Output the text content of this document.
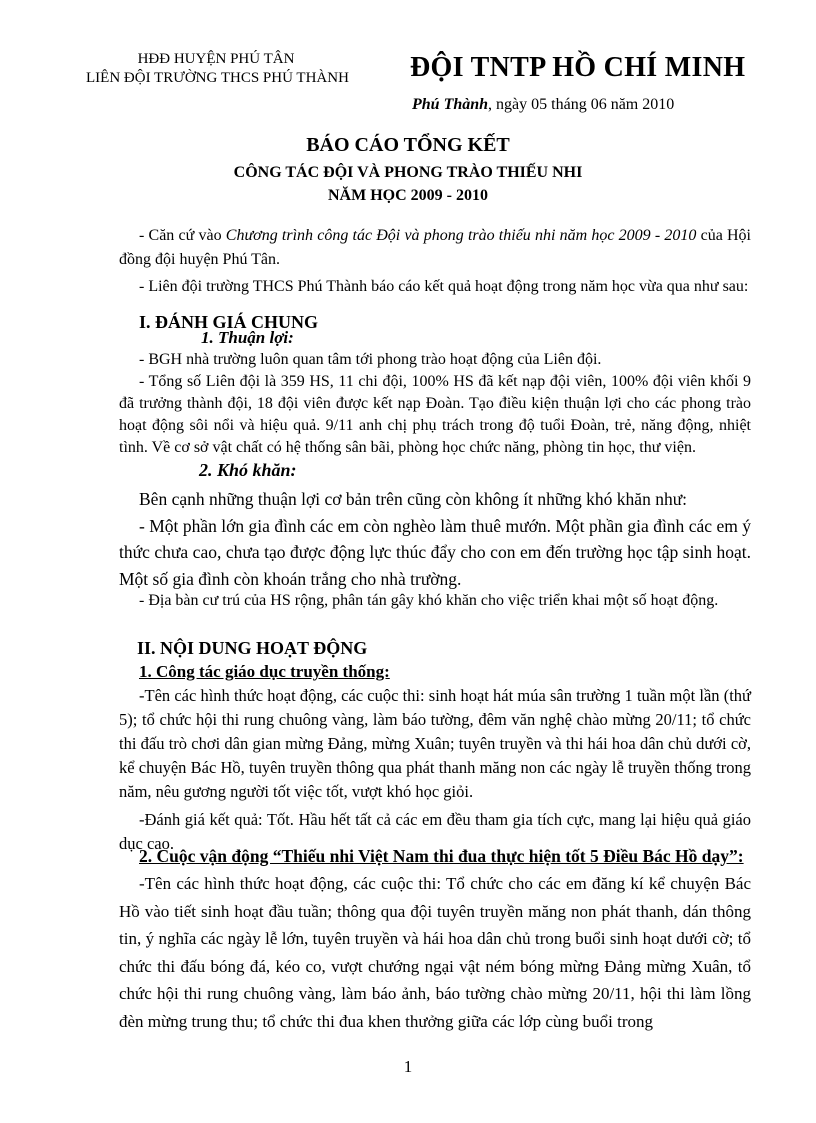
HĐĐ HUYỆN PHÚ TÂN
LIÊN ĐỘI TRƯỜNG THCS PHÚ THÀNH ĐỘI TNTP HỒ CHÍ MINH
Phú Thành, ngày 05 tháng 06 năm 2010
BÁO CÁO TỔNG KẾT
CÔNG TÁC ĐỘI VÀ PHONG TRÀO THIẾU NHI
NĂM HỌC 2009 - 2010

- Căn cứ vào Chương trình công tác Đội và phong trào thiếu nhi năm học 2009 - 2010 của Hội đồng đội huyện Phú Tân.

- Liên đội trường THCS Phú Thành báo cáo kết quả hoạt động trong năm học vừa qua như sau:

I. ĐÁNH GIÁ CHUNG
1. Thuận lợi:

- BGH nhà trường luôn quan tâm tới phong trào hoạt động của Liên đội.

- Tổng số Liên đội là 359 HS, 11 chi đội, 100% HS đã kết nạp đội viên, 100% đội viên khối 9 đã trưởng thành đội, 18 đội viên được kết nạp Đoàn. Tạo điều kiện thuận lợi cho các phong trào hoạt động sôi nổi và hiệu quả. 9/11 anh chị phụ trách trong độ tuổi Đoàn, trẻ, năng động, nhiệt tình. Về cơ sở vật chất có hệ thống sân bãi, phòng học chức năng, phòng tin học, thư viện.

2. Khó khăn:

Bên cạnh những thuận lợi cơ bản trên cũng còn không ít những khó khăn như:

- Một phần lớn gia đình các em còn nghèo làm thuê mướn. Một phần gia đình các em ý thức chưa cao, chưa tạo được động lực thúc đẩy cho con em đến trường học tập sinh hoạt. Một số gia đình còn khoán trắng cho nhà trường.

- Địa bàn cư trú của HS rộng, phân tán gây khó khăn cho việc triển khai một số hoạt động.

II. NỘI DUNG HOẠT ĐỘNG
1. Công tác giáo dục truyền thống:

-Tên các hình thức hoạt động, các cuộc thi: sinh hoạt hát múa sân trường 1 tuần một lần (thứ 5); tổ chức hội thi rung chuông vàng, làm báo tường, đêm văn nghệ chào mừng 20/11; tổ chức thi đấu trò chơi dân gian mừng Đảng, mừng Xuân; tuyên truyền và thi hái hoa dân chủ dưới cờ, kể chuyện Bác Hồ, tuyên truyền thông qua phát thanh măng non các ngày lễ truyền thống trong năm, nêu gương người tốt việc tốt, vượt khó học giỏi.

-Đánh giá kết quả: Tốt. Hầu hết tất cả các em đều tham gia tích cực, mang lại hiệu quả giáo dục cao.

2. Cuộc vận động “Thiếu nhi Việt Nam thi đua thực hiện tốt 5 Điều Bác Hồ dạy”:

-Tên các hình thức hoạt động, các cuộc thi: Tổ chức cho các em đăng kí kể chuyện Bác Hồ vào tiết sinh hoạt đầu tuần; thông qua đội tuyên truyền măng non phát thanh, dán thông tin, ý nghĩa các ngày lễ lớn, tuyên truyền và hái hoa dân chủ trong buổi sinh hoạt dưới cờ; tổ chức thi đấu bóng đá, kéo co, vượt chướng ngại vật ném bóng mừng Đảng mừng Xuân, tổ chức hội thi rung chuông vàng, làm báo ảnh, báo tường chào mừng 20/11, hội thi làm lồng đèn mừng trung thu; tổ chức thi đua khen thưởng giữa các lớp cùng buổi trong

1
